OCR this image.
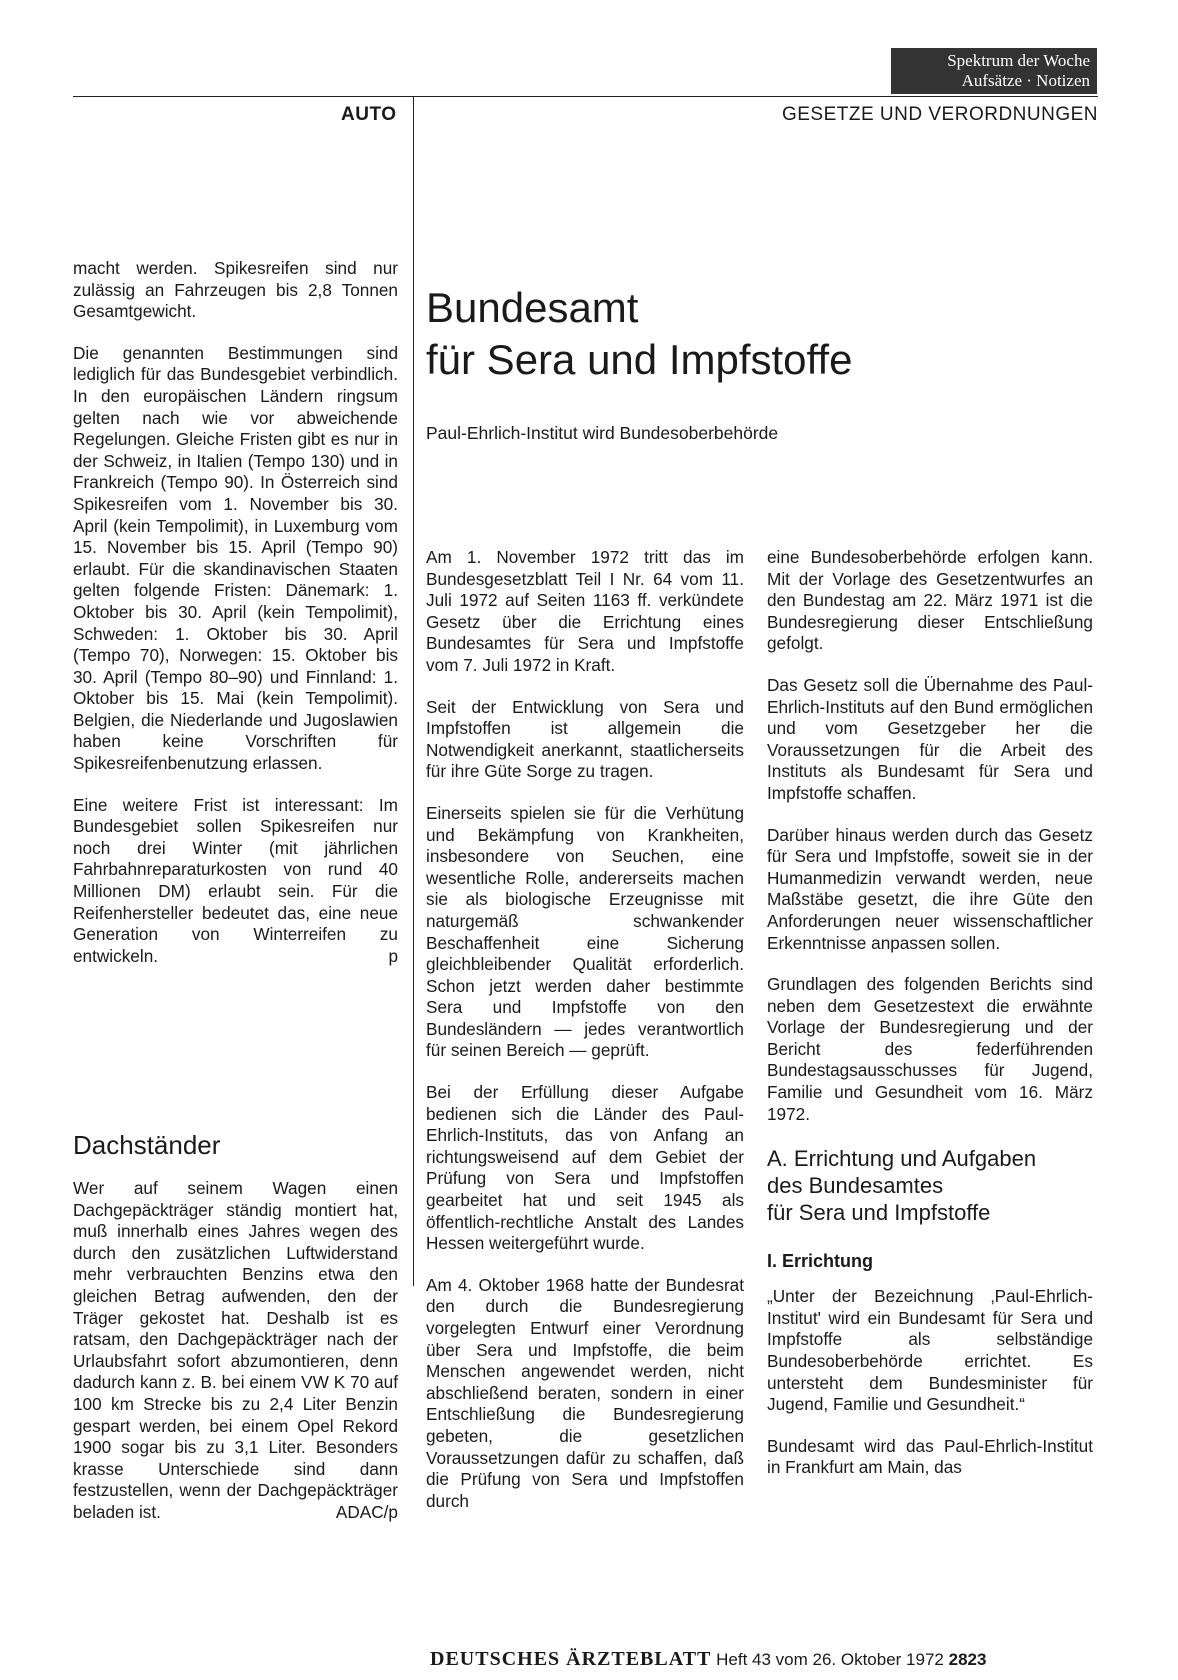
Spektrum der Woche
Aufsätze · Notizen
AUTO	GESETZE UND VERORDNUNGEN

macht werden. Spikesreifen sind nur zulässig an Fahrzeugen bis 2,8 Tonnen Gesamtgewicht.

Die genannten Bestimmungen sind lediglich für das Bundesgebiet verbindlich. In den europäischen Ländern ringsum gelten nach wie vor abweichende Regelungen. Gleiche Fristen gibt es nur in der Schweiz, in Italien (Tempo 130) und in Frankreich (Tempo 90). In Österreich sind Spikesreifen vom 1. November bis 30. April (kein Tempolimit), in Luxemburg vom 15. November bis 15. April (Tempo 90) erlaubt. Für die skandinavischen Staaten gelten folgende Fristen: Dänemark: 1. Oktober bis 30. April (kein Tempolimit), Schweden: 1. Oktober bis 30. April (Tempo 70), Norwegen: 15. Oktober bis 30. April (Tempo 80–90) und Finnland: 1. Oktober bis 15. Mai (kein Tempolimit). Belgien, die Niederlande und Jugoslawien haben keine Vorschriften für Spikesreifenbenutzung erlassen.

Eine weitere Frist ist interessant: Im Bundesgebiet sollen Spikesreifen nur noch drei Winter (mit jährlichen Fahrbahnreparaturkosten von rund 40 Millionen DM) erlaubt sein. Für die Reifenhersteller bedeutet das, eine neue Generation von Winterreifen zu entwickeln.	p

Dachständer

Wer auf seinem Wagen einen Dachgepäckträger ständig montiert hat, muß innerhalb eines Jahres wegen des durch den zusätzlichen Luftwiderstand mehr verbrauchten Benzins etwa den gleichen Betrag aufwenden, den der Träger gekostet hat. Deshalb ist es ratsam, den Dachgepäckträger nach der Urlaubsfahrt sofort abzumontieren, denn dadurch kann z. B. bei einem VW K 70 auf 100 km Strecke bis zu 2,4 Liter Benzin gespart werden, bei einem Opel Rekord 1900 sogar bis zu 3,1 Liter. Besonders krasse Unterschiede sind dann festzustellen, wenn der Dachgepäckträger beladen ist.	ADAC/p

Bundesamt
für Sera und Impfstoffe
Paul-Ehrlich-Institut wird Bundesoberbehörde

Am 1. November 1972 tritt das im Bundesgesetzblatt Teil I Nr. 64 vom 11. Juli 1972 auf Seiten 1163 ff. verkündete Gesetz über die Errichtung eines Bundesamtes für Sera und Impfstoffe vom 7. Juli 1972 in Kraft.

Seit der Entwicklung von Sera und Impfstoffen ist allgemein die Notwendigkeit anerkannt, staatlicherseits für ihre Güte Sorge zu tragen.

Einerseits spielen sie für die Verhütung und Bekämpfung von Krankheiten, insbesondere von Seuchen, eine wesentliche Rolle, andererseits machen sie als biologische Erzeugnisse mit naturgemäß schwankender Beschaffenheit eine Sicherung gleichbleibender Qualität erforderlich. Schon jetzt werden daher bestimmte Sera und Impfstoffe von den Bundesländern — jedes verantwortlich für seinen Bereich — geprüft.

Bei der Erfüllung dieser Aufgabe bedienen sich die Länder des Paul-Ehrlich-Instituts, das von Anfang an richtungsweisend auf dem Gebiet der Prüfung von Sera und Impfstoffen gearbeitet hat und seit 1945 als öffentlich-rechtliche Anstalt des Landes Hessen weitergeführt wurde.

Am 4. Oktober 1968 hatte der Bundesrat den durch die Bundesregierung vorgelegten Entwurf einer Verordnung über Sera und Impfstoffe, die beim Menschen angewendet werden, nicht abschließend beraten, sondern in einer Entschließung die Bundesregierung gebeten, die gesetzlichen Voraussetzungen dafür zu schaffen, daß die Prüfung von Sera und Impfstoffen durch

eine Bundesoberbehörde erfolgen kann. Mit der Vorlage des Gesetzentwurfes an den Bundestag am 22. März 1971 ist die Bundesregierung dieser Entschließung gefolgt.

Das Gesetz soll die Übernahme des Paul-Ehrlich-Instituts auf den Bund ermöglichen und vom Gesetzgeber her die Voraussetzungen für die Arbeit des Instituts als Bundesamt für Sera und Impfstoffe schaffen.

Darüber hinaus werden durch das Gesetz für Sera und Impfstoffe, soweit sie in der Humanmedizin verwandt werden, neue Maßstäbe gesetzt, die ihre Güte den Anforderungen neuer wissenschaftlicher Erkenntnisse anpassen sollen.

Grundlagen des folgenden Berichts sind neben dem Gesetzestext die erwähnte Vorlage der Bundesregierung und der Bericht des federführenden Bundestagsausschusses für Jugend, Familie und Gesundheit vom 16. März 1972.

A. Errichtung und Aufgaben
des Bundesamtes
für Sera und Impfstoffe
I. Errichtung

„Unter der Bezeichnung ‚Paul-Ehrlich-Institut' wird ein Bundesamt für Sera und Impfstoffe als selbständige Bundesoberbehörde errichtet. Es untersteht dem Bundesminister für Jugend, Familie und Gesundheit.“

Bundesamt wird das Paul-Ehrlich-Institut in Frankfurt am Main, das

DEUTSCHES ÄRZTEBLATT Heft 43 vom 26. Oktober 1972 2823
